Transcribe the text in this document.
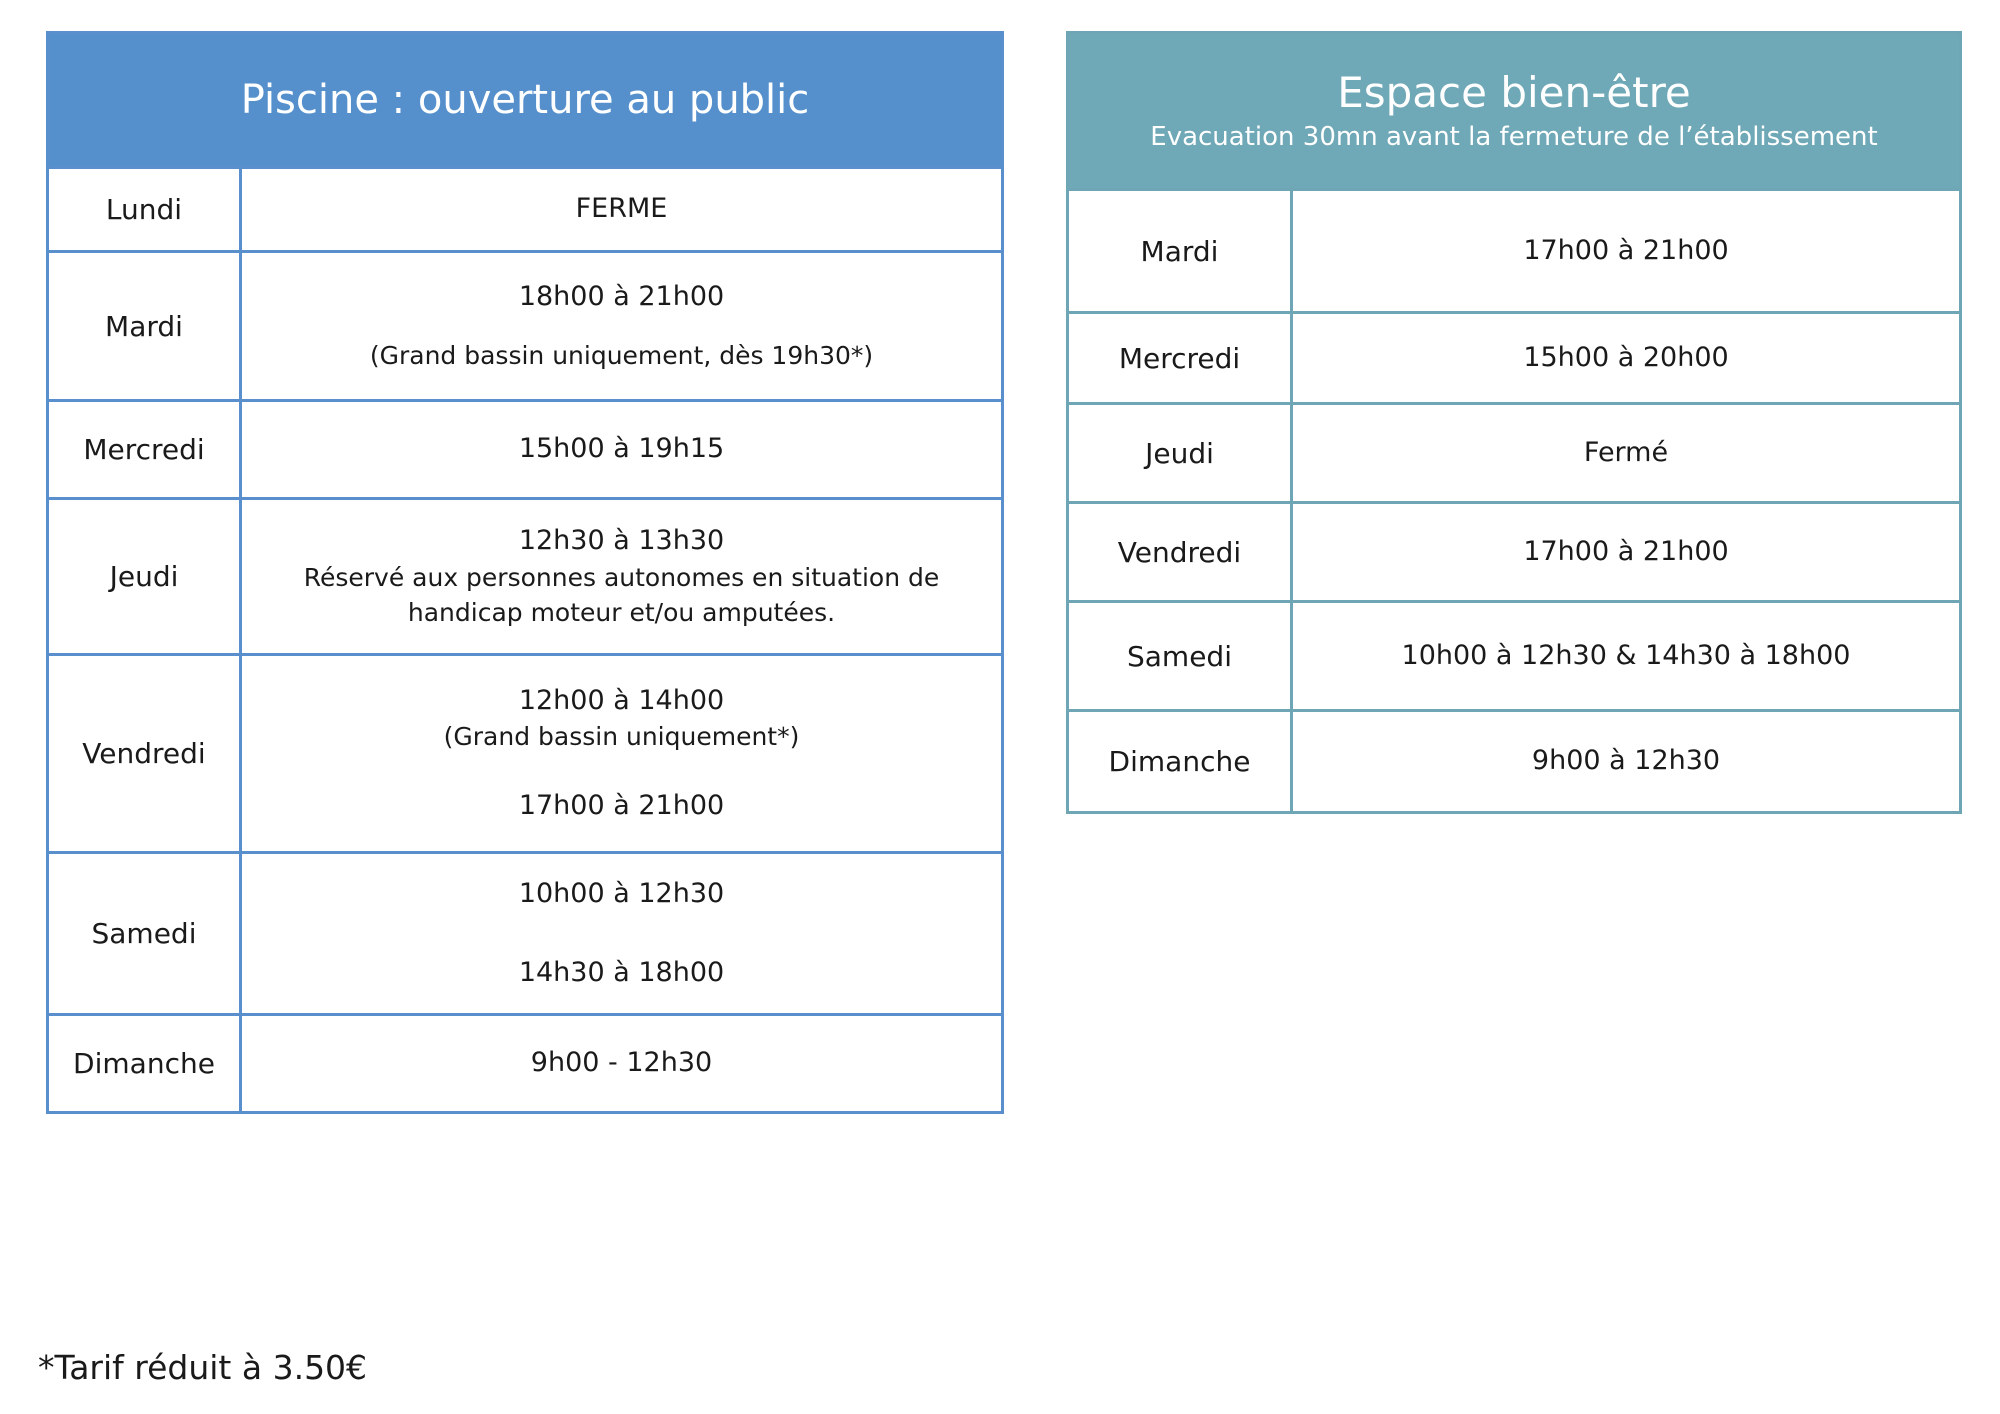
Piscine : ouverture au public	
Lundi	FERME
Mardi	18h00 à 21h00
(Grand bassin uniquement, dès 19h30*)
Mercredi	15h00 à 19h15
Jeudi	12h30 à 13h30
Réservé aux personnes autonomes en situation de
handicap moteur et/ou amputées.

Vendredi	12h00 à 14h00
(Grand bassin uniquement*)
17h00 à 21h00

Samedi	10h00 à 12h30
14h30 à 18h00

Dimanche	9h00 - 12h30
Espace bien-être
Evacuation 30mn avant la fermeture de l’établissement	

Mardi	17h00 à 21h00
Mercredi	15h00 à 20h00
Jeudi	Fermé
Vendredi	17h00 à 21h00
Samedi	10h00 à 12h30 & 14h30 à 18h00
Dimanche	9h00 à 12h30
*Tarif réduit à 3.50€
